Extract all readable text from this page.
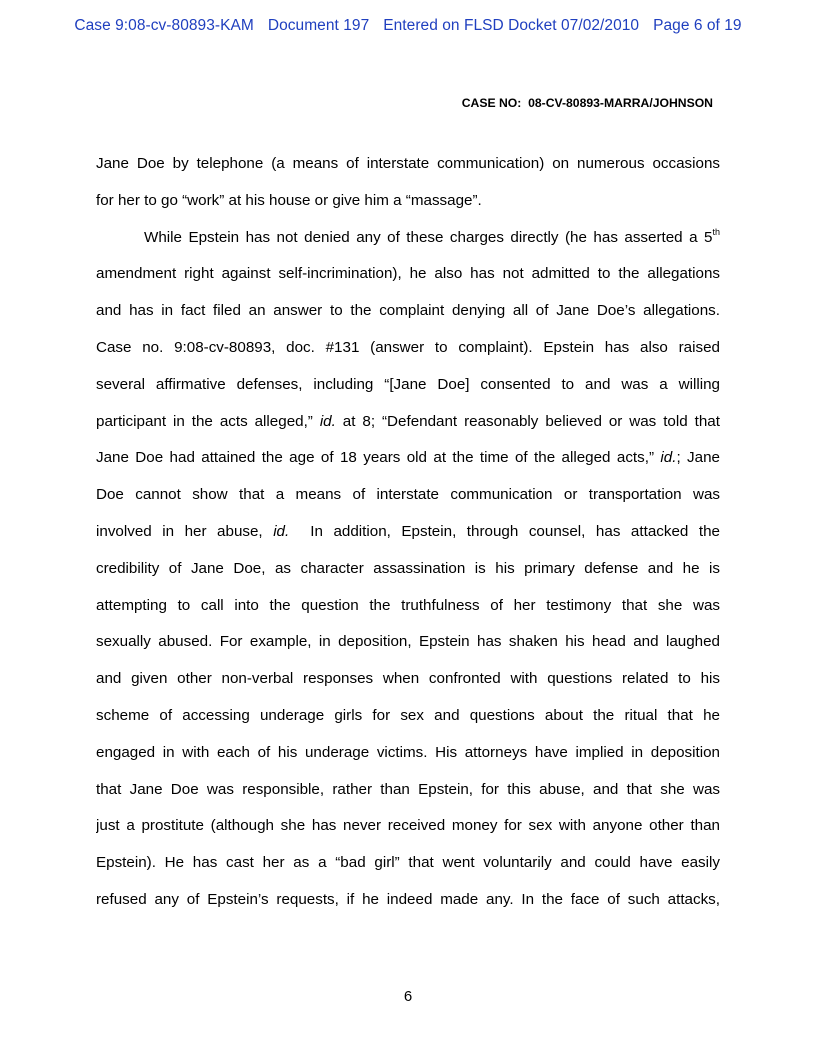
Case 9:08-cv-80893-KAM Document 197 Entered on FLSD Docket 07/02/2010 Page 6 of 19
CASE NO:  08-CV-80893-MARRA/JOHNSON
Jane Doe by telephone (a means of interstate communication) on numerous occasions
for her to go “work” at his house or give him a “massage”.
While Epstein has not denied any of these charges directly (he has asserted a 5th
amendment right against self-incrimination), he also has not admitted to the allegations
and has in fact filed an answer to the complaint denying all of Jane Doe’s allegations.
Case no. 9:08-cv-80893, doc. #131 (answer to complaint). Epstein has also raised
several affirmative defenses, including “[Jane Doe] consented to and was a willing
participant in the acts alleged,” id. at 8; “Defendant reasonably believed or was told that
Jane Doe had attained the age of 18 years old at the time of the alleged acts,” id.; Jane
Doe cannot show that a means of interstate communication or transportation was
involved in her abuse, id. In addition, Epstein, through counsel, has attacked the
credibility of Jane Doe, as character assassination is his primary defense and he is
attempting to call into the question the truthfulness of her testimony that she was
sexually abused. For example, in deposition, Epstein has shaken his head and laughed
and given other non-verbal responses when confronted with questions related to his
scheme of accessing underage girls for sex and questions about the ritual that he
engaged in with each of his underage victims. His attorneys have implied in deposition
that Jane Doe was responsible, rather than Epstein, for this abuse, and that she was
just a prostitute (although she has never received money for sex with anyone other than
Epstein). He has cast her as a “bad girl” that went voluntarily and could have easily
refused any of Epstein’s requests, if he indeed made any. In the face of such attacks,
6
